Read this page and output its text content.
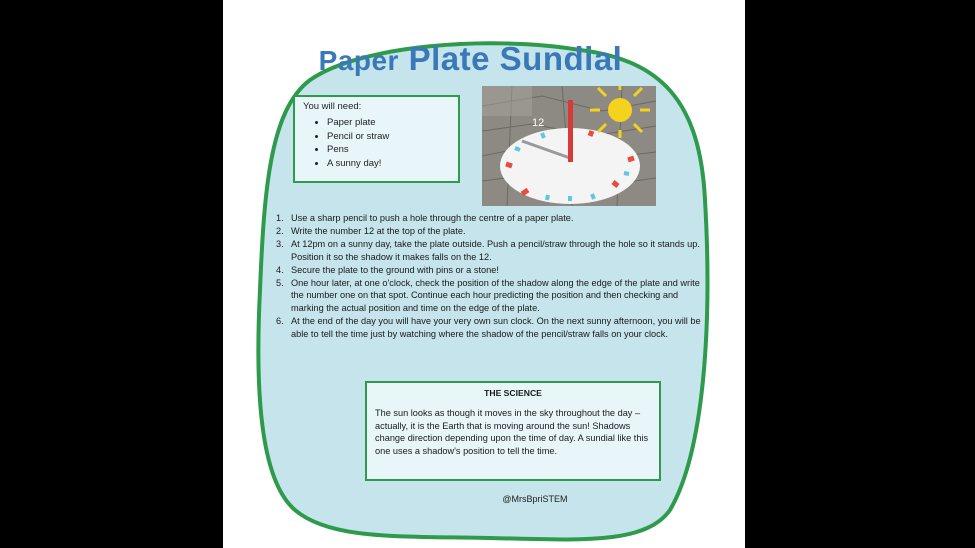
Paper Plate Sundial
You will need:
• Paper plate
• Pencil or straw
• Pens
• A sunny day!
12
1. Use a sharp pencil to push a hole through the centre of a paper plate.
2. Write the number 12 at the top of the plate.
3. At 12pm on a sunny day, take the plate outside. Push a pencil/straw through the hole so it stands up. Position it so the shadow it makes falls on the 12.
4. Secure the plate to the ground with pins or a stone!
5. One hour later, at one o'clock, check the position of the shadow along the edge of the plate and write the number one on that spot. Continue each hour predicting the position and then checking and marking the actual position and time on the edge of the plate.
6. At the end of the day you will have your very own sun clock. On the next sunny afternoon, you will be able to tell the time just by watching where the shadow of the pencil/straw falls on your clock.
THE SCIENCE
The sun looks as though it moves in the sky throughout the day – actually, it is the Earth that is moving around the sun! Shadows change direction depending upon the time of day. A sundial like this one uses a shadow's position to tell the time.
@MrsBpriSTEM
